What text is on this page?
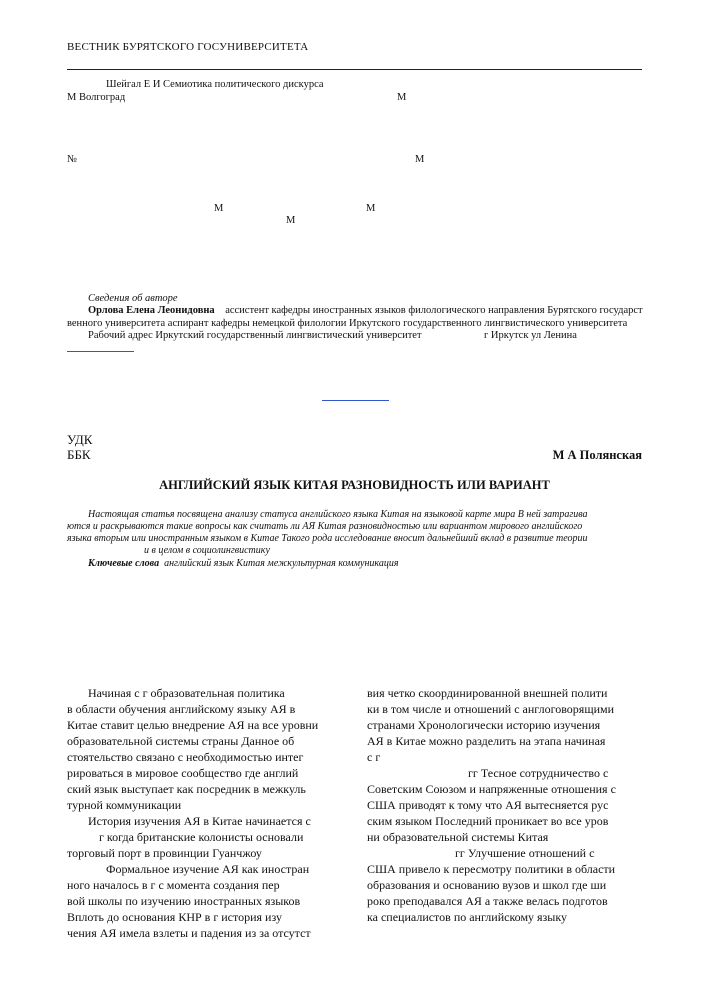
ВЕСТНИК БУРЯТСКОГО ГОСУНИВЕРСИТЕТА
Шейгал Е И Семиотика политического дискурса
М Волгоград	М
№	М
М	М
М
Сведения об авторе
Орлова Елена Леонидовна ассистент кафедры иностранных языков филологического направления Бурятского государст
венного университета аспирант кафедры немецкой филологии Иркутского государственного лингвистического университета
Рабочий адрес Иркутский государственный лингвистический университет	г Иркутск ул Ленина
УДК
ББК	М А Полянская
АНГЛИЙСКИЙ ЯЗЫК КИТАЯ РАЗНОВИДНОСТЬ ИЛИ ВАРИАНТ
Настоящая статья посвящена анализу статуса английского языка Китая на языковой карте мира В ней затрагива
ются и раскрываются такие вопросы как считать ли АЯ Китая разновидностью или вариантом мирового английского
языка вторым или иностранным языком в Китае Такого рода исследование вносит дальнейший вклад в развитие теории
и в целом в социолингвистику
Ключевые слова английский язык Китая межкультурная коммуникация
Начиная с г образовательная политика
в области обучения английскому языку АЯ в
Китае ставит целью внедрение АЯ на все уровни
образовательной системы страны Данное об
стоятельство связано с необходимостью интег
рироваться в мировое сообщество где англий
ский язык выступает как посредник в межкуль
турной коммуникации
История изучения АЯ в Китае начинается с
г когда британские колонисты основали
торговый порт в провинции Гуанчжоу
Формальное изучение АЯ как иностран
ного началось в г с момента создания пер
вой школы по изучению иностранных языков
Вплоть до основания КНР в г история изу
чения АЯ имела взлеты и падения из за отсутст
вия четко скоординированной внешней полити
ки в том числе и отношений с англоговорящими
странами Хронологически историю изучения
АЯ в Китае можно разделить на этапа начиная
с г
гг Тесное сотрудничество с
Советским Союзом и напряженные отношения с
США приводят к тому что АЯ вытесняется рус
ским языком Последний проникает во все уров
ни образовательной системы Китая
гг Улучшение отношений с
США привело к пересмотру политики в области
образования и основанию вузов и школ где ши
роко преподавался АЯ а также велась подготов
ка специалистов по английскому языку
